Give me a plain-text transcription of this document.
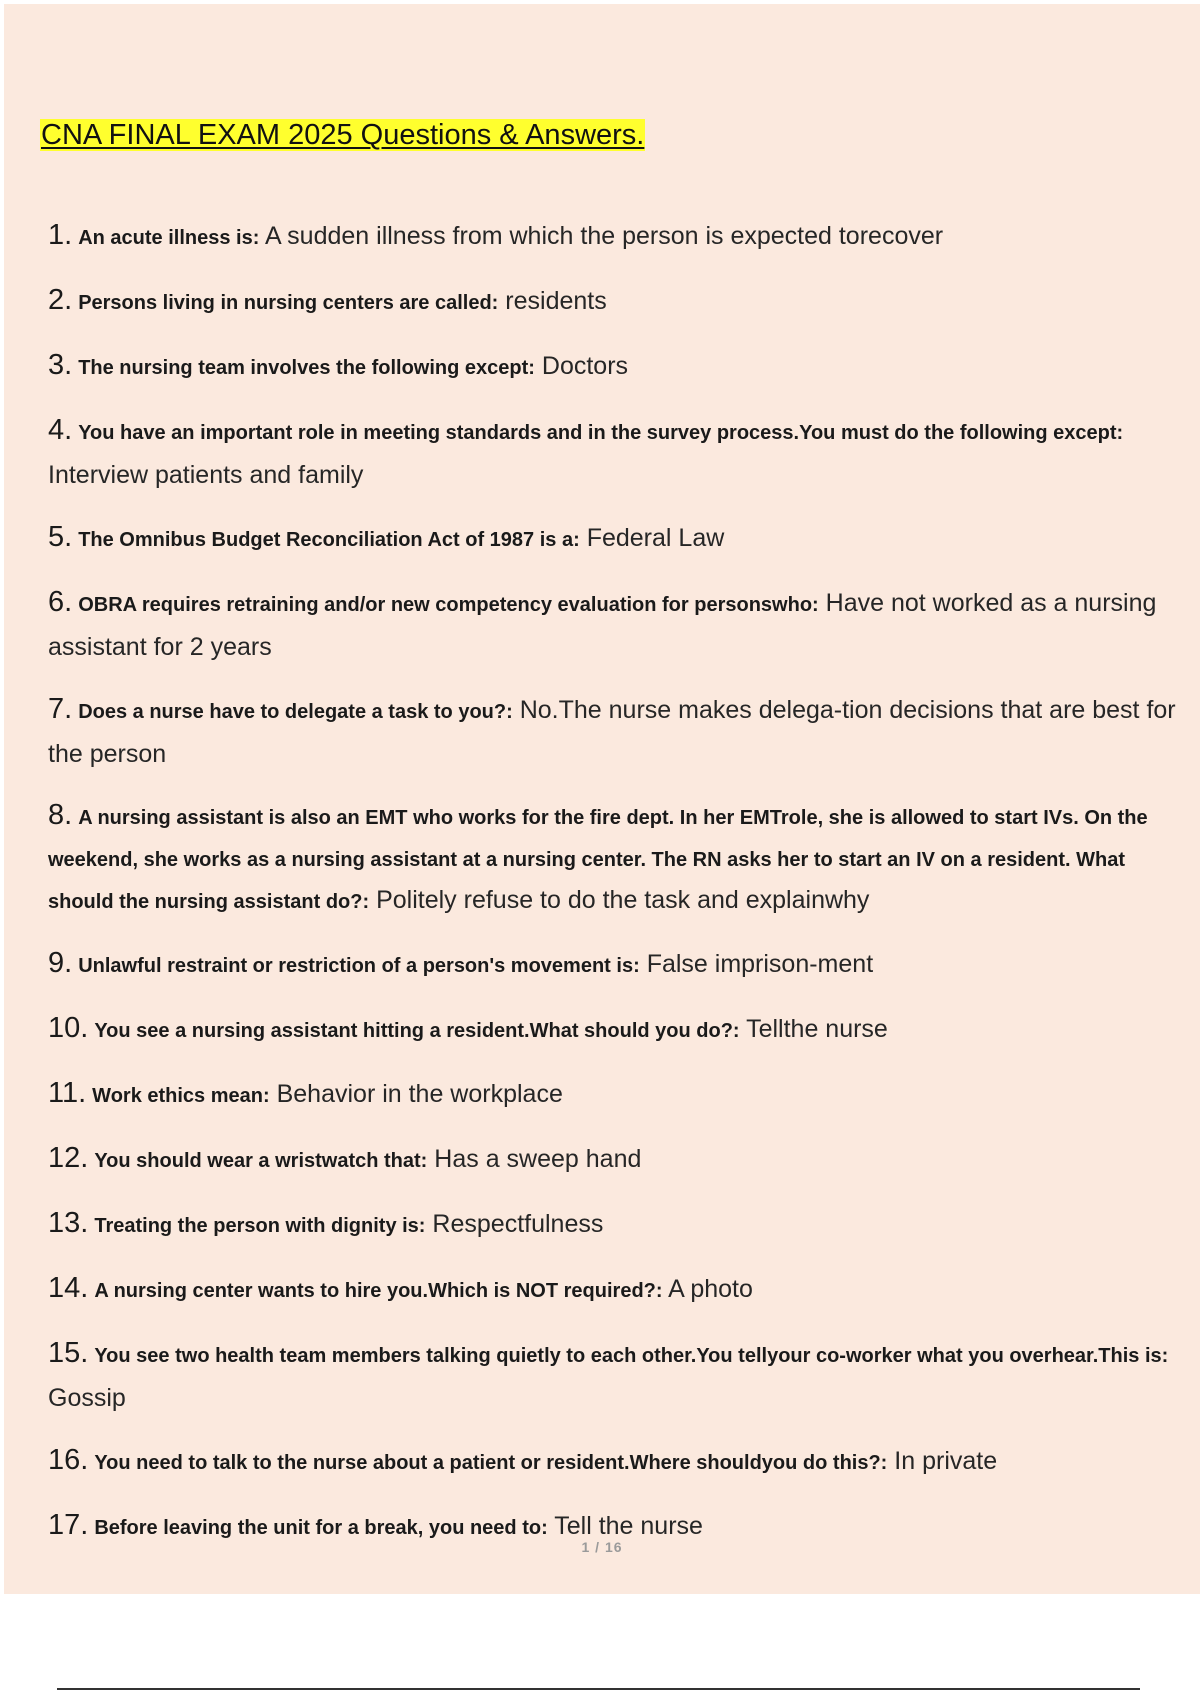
CNA FINAL EXAM 2025 Questions & Answers.
1. An acute illness is: A sudden illness from which the person is expected torecover
2. Persons living in nursing centers are called: residents
3. The nursing team involves the following except: Doctors
4. You have an important role in meeting standards and in the survey process.You must do the following except: Interview patients and family
5. The Omnibus Budget Reconciliation Act of 1987 is a: Federal Law
6. OBRA requires retraining and/or new competency evaluation for personswho: Have not worked as a nursing assistant for 2 years
7. Does a nurse have to delegate a task to you?: No.The nurse makes delega-tion decisions that are best for the person
8. A nursing assistant is also an EMT who works for the fire dept. In her EMTrole, she is allowed to start IVs. On the weekend, she works as a nursing assistant at a nursing center. The RN asks her to start an IV on a resident. What should the nursing assistant do?: Politely refuse to do the task and explainwhy
9. Unlawful restraint or restriction of a person's movement is: False imprison-ment
10. You see a nursing assistant hitting a resident.What should you do?: Tellthe nurse
11. Work ethics mean: Behavior in the workplace
12. You should wear a wristwatch that: Has a sweep hand
13. Treating the person with dignity is: Respectfulness
14. A nursing center wants to hire you.Which is NOT required?: A photo
15. You see two health team members talking quietly to each other.You tellyour co-worker what you overhear.This is: Gossip
16. You need to talk to the nurse about a patient or resident.Where shouldyou do this?: In private
17. Before leaving the unit for a break, you need to: Tell the nurse
1 / 16
